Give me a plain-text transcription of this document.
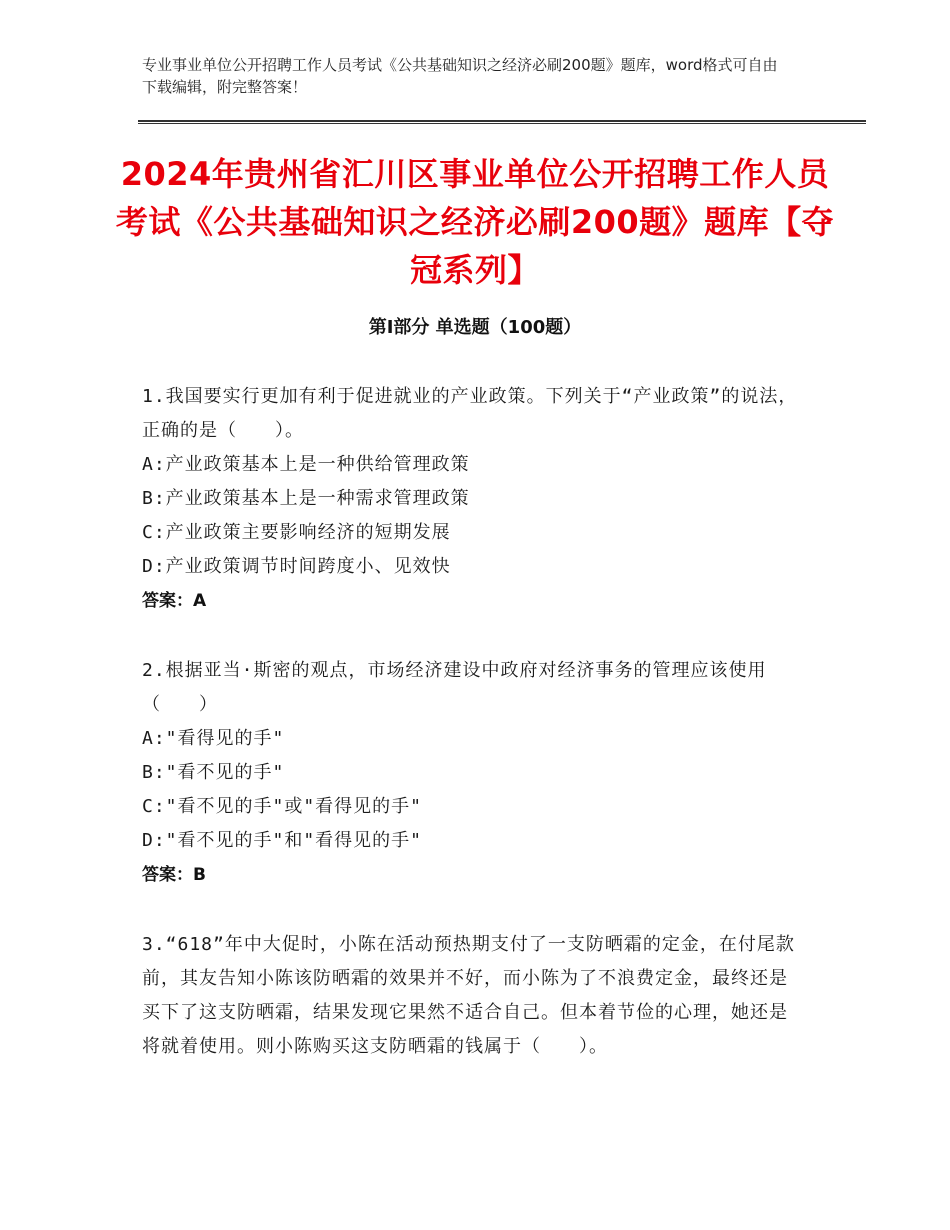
专业事业单位公开招聘工作人员考试《公共基础知识之经济必刷200题》题库，word格式可自由下载编辑，附完整答案！
2024年贵州省汇川区事业单位公开招聘工作人员考试《公共基础知识之经济必刷200题》题库【夺冠系列】
第Ⅰ部分 单选题（100题）

1.我国要实行更加有利于促进就业的产业政策。下列关于“产业政策”的说法，正确的是（　　）。

A:产业政策基本上是一种供给管理政策

B:产业政策基本上是一种需求管理政策

C:产业政策主要影响经济的短期发展

D:产业政策调节时间跨度小、见效快

答案：A

2.根据亚当·斯密的观点，市场经济建设中政府对经济事务的管理应该使用（　　）

A:"看得见的手"

B:"看不见的手"

C:"看不见的手"或"看得见的手"

D:"看不见的手"和"看得见的手"

答案：B

3.“618”年中大促时，小陈在活动预热期支付了一支防晒霜的定金，在付尾款前，其友告知小陈该防晒霜的效果并不好，而小陈为了不浪费定金，最终还是买下了这支防晒霜，结果发现它果然不适合自己。但本着节俭的心理，她还是将就着使用。则小陈购买这支防晒霜的钱属于（　　）。
